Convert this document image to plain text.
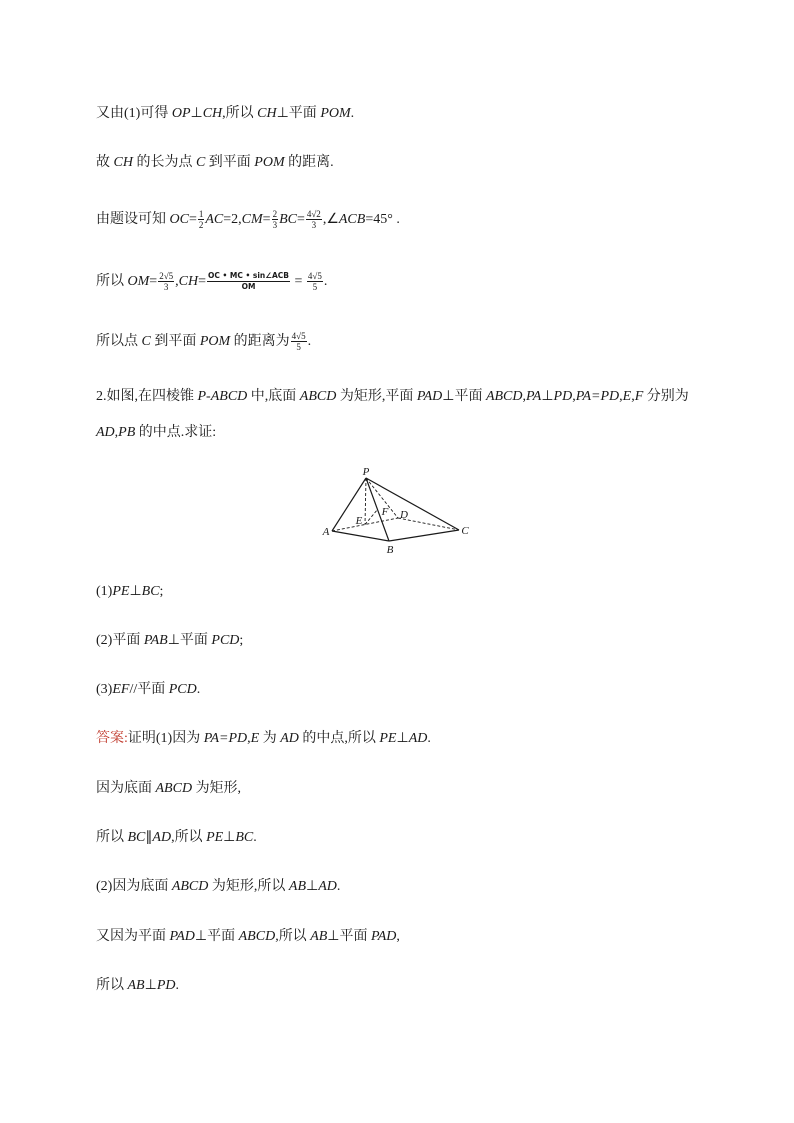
又由(1)可得 OP⊥CH,所以 CH⊥平面 POM.
故 CH 的长为点 C 到平面 POM 的距离.
由题设可知 $OC= \frac{1}{2} AC=2,CM= \frac{2}{3} BC= \frac{4√2}{3}$ ,∠ACB=45° .
所以 $OM= \frac{2√5}{3} ,CH= \frac{\text{OC • MC • sin∠ACB}}{OM} = \frac{4√5}{5}$ .
所以点 C 到平面 POM 的距离为 $\frac{4√5}{5}$ .
2.如图,在四棱锥 P-ABCD 中,底面 ABCD 为矩形,平面 PAD⊥平面 ABCD,PA⊥PD,PA=PD,E,F 分别为
AD,PB 的中点.求证:
P
A
B
C
D
E
F
(1)PE⊥BC;
(2)平面 PAB⊥平面 PCD;
(3)EF//平面 PCD.
答案:证明(1)因为 PA=PD,E 为 AD 的中点,所以 PE⊥AD.
因为底面 ABCD 为矩形,
所以 BC∥AD,所以 PE⊥BC.
(2)因为底面 ABCD 为矩形,所以 AB⊥AD.
又因为平面 PAD⊥平面 ABCD,所以 AB⊥平面 PAD,
所以 AB⊥PD.
